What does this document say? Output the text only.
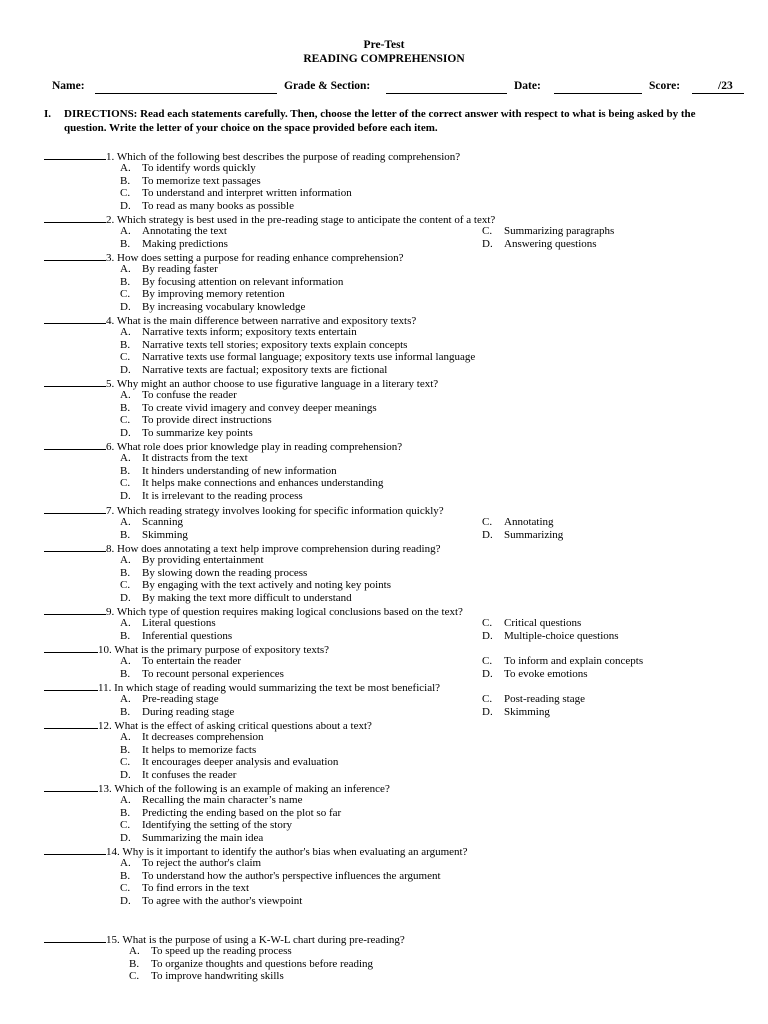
Pre-Test
READING COMPREHENSION
Name:	Grade & Section:	Date:	Score:	/23
I. DIRECTIONS: Read each statements carefully. Then, choose the letter of the correct answer with respect to what is being asked by the question. Write the letter of your choice on the space provided before each item.
1. Which of the following best describes the purpose of reading comprehension?
A. To identify words quickly
B. To memorize text passages
C. To understand and interpret written information
D. To read as many books as possible
2. Which strategy is best used in the pre-reading stage to anticipate the content of a text?
A. Annotating the text
B. Making predictions
C. Summarizing paragraphs
D. Answering questions
3. How does setting a purpose for reading enhance comprehension?
A. By reading faster
B. By focusing attention on relevant information
C. By improving memory retention
D. By increasing vocabulary knowledge
4. What is the main difference between narrative and expository texts?
A. Narrative texts inform; expository texts entertain
B. Narrative texts tell stories; expository texts explain concepts
C. Narrative texts use formal language; expository texts use informal language
D. Narrative texts are factual; expository texts are fictional
5. Why might an author choose to use figurative language in a literary text?
A. To confuse the reader
B. To create vivid imagery and convey deeper meanings
C. To provide direct instructions
D. To summarize key points
6. What role does prior knowledge play in reading comprehension?
A. It distracts from the text
B. It hinders understanding of new information
C. It helps make connections and enhances understanding
D. It is irrelevant to the reading process
7. Which reading strategy involves looking for specific information quickly?
A. Scanning
B. Skimming
C. Annotating
D. Summarizing
8. How does annotating a text help improve comprehension during reading?
A. By providing entertainment
B. By slowing down the reading process
C. By engaging with the text actively and noting key points
D. By making the text more difficult to understand
9. Which type of question requires making logical conclusions based on the text?
A. Literal questions
B. Inferential questions
C. Critical questions
D. Multiple-choice questions
10. What is the primary purpose of expository texts?
A. To entertain the reader
B. To recount personal experiences
C. To inform and explain concepts
D. To evoke emotions
11. In which stage of reading would summarizing the text be most beneficial?
A. Pre-reading stage
B. During reading stage
C. Post-reading stage
D. Skimming
12. What is the effect of asking critical questions about a text?
A. It decreases comprehension
B. It helps to memorize facts
C. It encourages deeper analysis and evaluation
D. It confuses the reader
13. Which of the following is an example of making an inference?
A. Recalling the main character’s name
B. Predicting the ending based on the plot so far
C. Identifying the setting of the story
D. Summarizing the main idea
14. Why is it important to identify the author's bias when evaluating an argument?
A. To reject the author's claim
B. To understand how the author's perspective influences the argument
C. To find errors in the text
D. To agree with the author's viewpoint
15. What is the purpose of using a K-W-L chart during pre-reading?
A. To speed up the reading process
B. To organize thoughts and questions before reading
C. To improve handwriting skills
